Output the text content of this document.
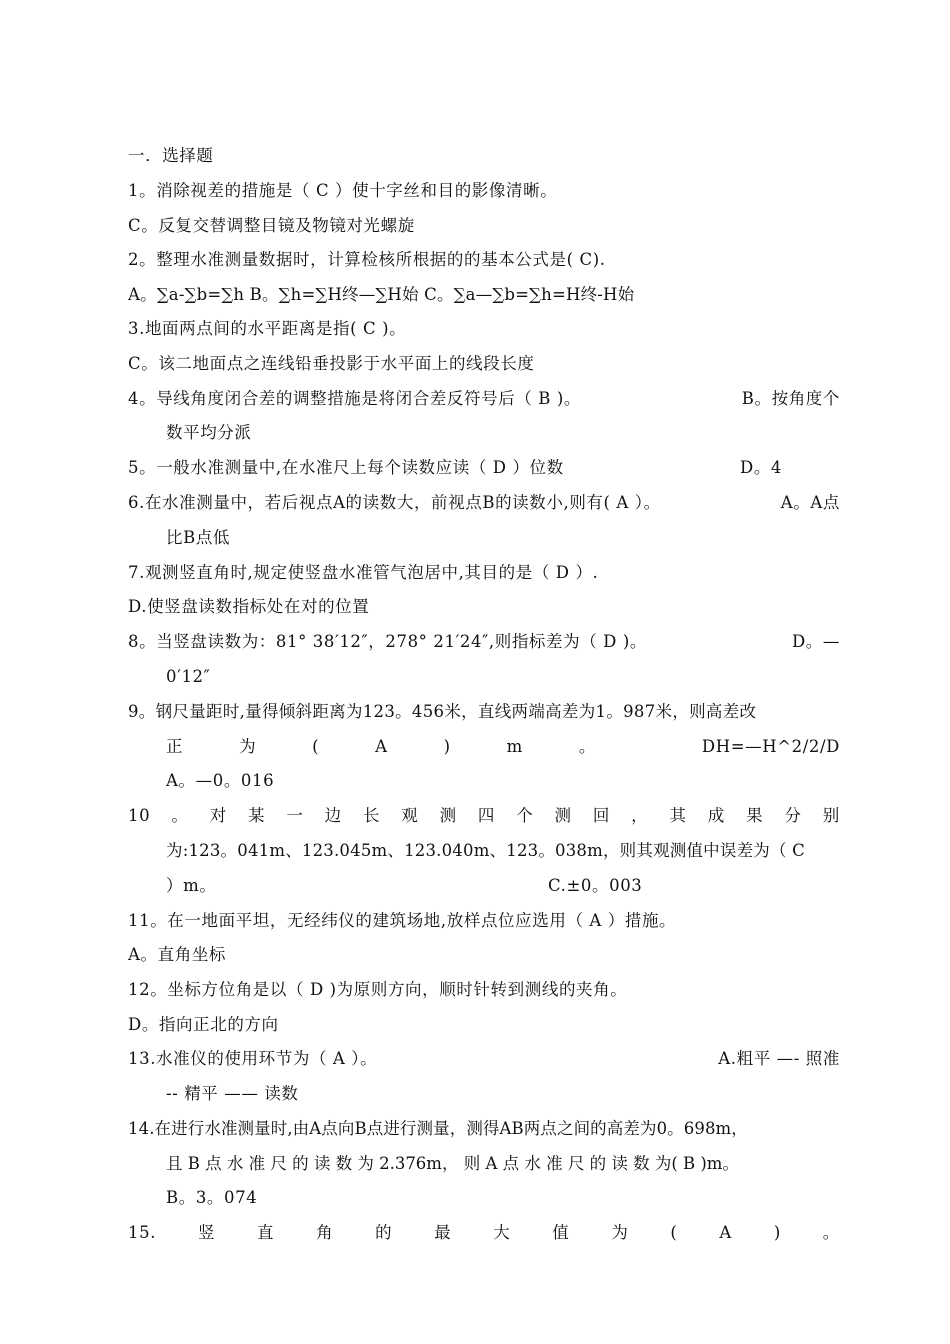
一．选择题
1。消除视差的措施是（ C ）使十字丝和目的影像清晰。
C。反复交替调整目镜及物镜对光螺旋
2。整理水准测量数据时，计算检核所根据的的基本公式是( C).
A。∑a-∑b=∑h B。∑h=∑H终—∑H始 C。∑a—∑b=∑h=H终-H始
3.地面两点间的水平距离是指( C )。
C。该二地面点之连线铅垂投影于水平面上的线段长度
4。导线角度闭合差的调整措施是将闭合差反符号后（ B )。	B。按角度个
数平均分派
5。一般水准测量中,在水准尺上每个读数应读（ D ）位数	D。4
6.在水准测量中，若后视点A的读数大，前视点B的读数小,则有( A ）。	A。A点
比B点低
7.观测竖直角时,规定使竖盘水准管气泡居中,其目的是（ D ）.
D.使竖盘读数指标处在对的位置
8。当竖盘读数为：81° 38′12″，278° 21′24″,则指标差为（ D )。	D。—
0′12″
9。钢尺量距时,量得倾斜距离为123。456米，直线两端高差为1。987米，则高差改
正	为	(	A	)	m	。	DH=—H^2/2/D
A。—0。016
10 。 对 某 一 边 长 观 测 四 个 测 回 ， 其 成 果 分 别
为:123。041m、123.045m、123.040m、123。038m，则其观测值中误差为（ C
）m。	C.±0。003
11。在一地面平坦，无经纬仪的建筑场地,放样点位应选用（ A ）措施。
A。直角坐标
12。坐标方位角是以（ D )为原则方向，顺时针转到测线的夹角。
D。指向正北的方向
13.水准仪的使用环节为（ A ）。	A.粗平 —- 照准
-- 精平 —— 读数
14.在进行水准测量时,由A点向B点进行测量，测得AB两点之间的高差为0。698m，
且 B 点 水 准 尺 的 读 数 为 2.376m， 则 A 点 水 准 尺 的 读 数 为( B )m。
B。3。074
15.	竖	直	角	的	最	大	值	为	(	A	)	。
